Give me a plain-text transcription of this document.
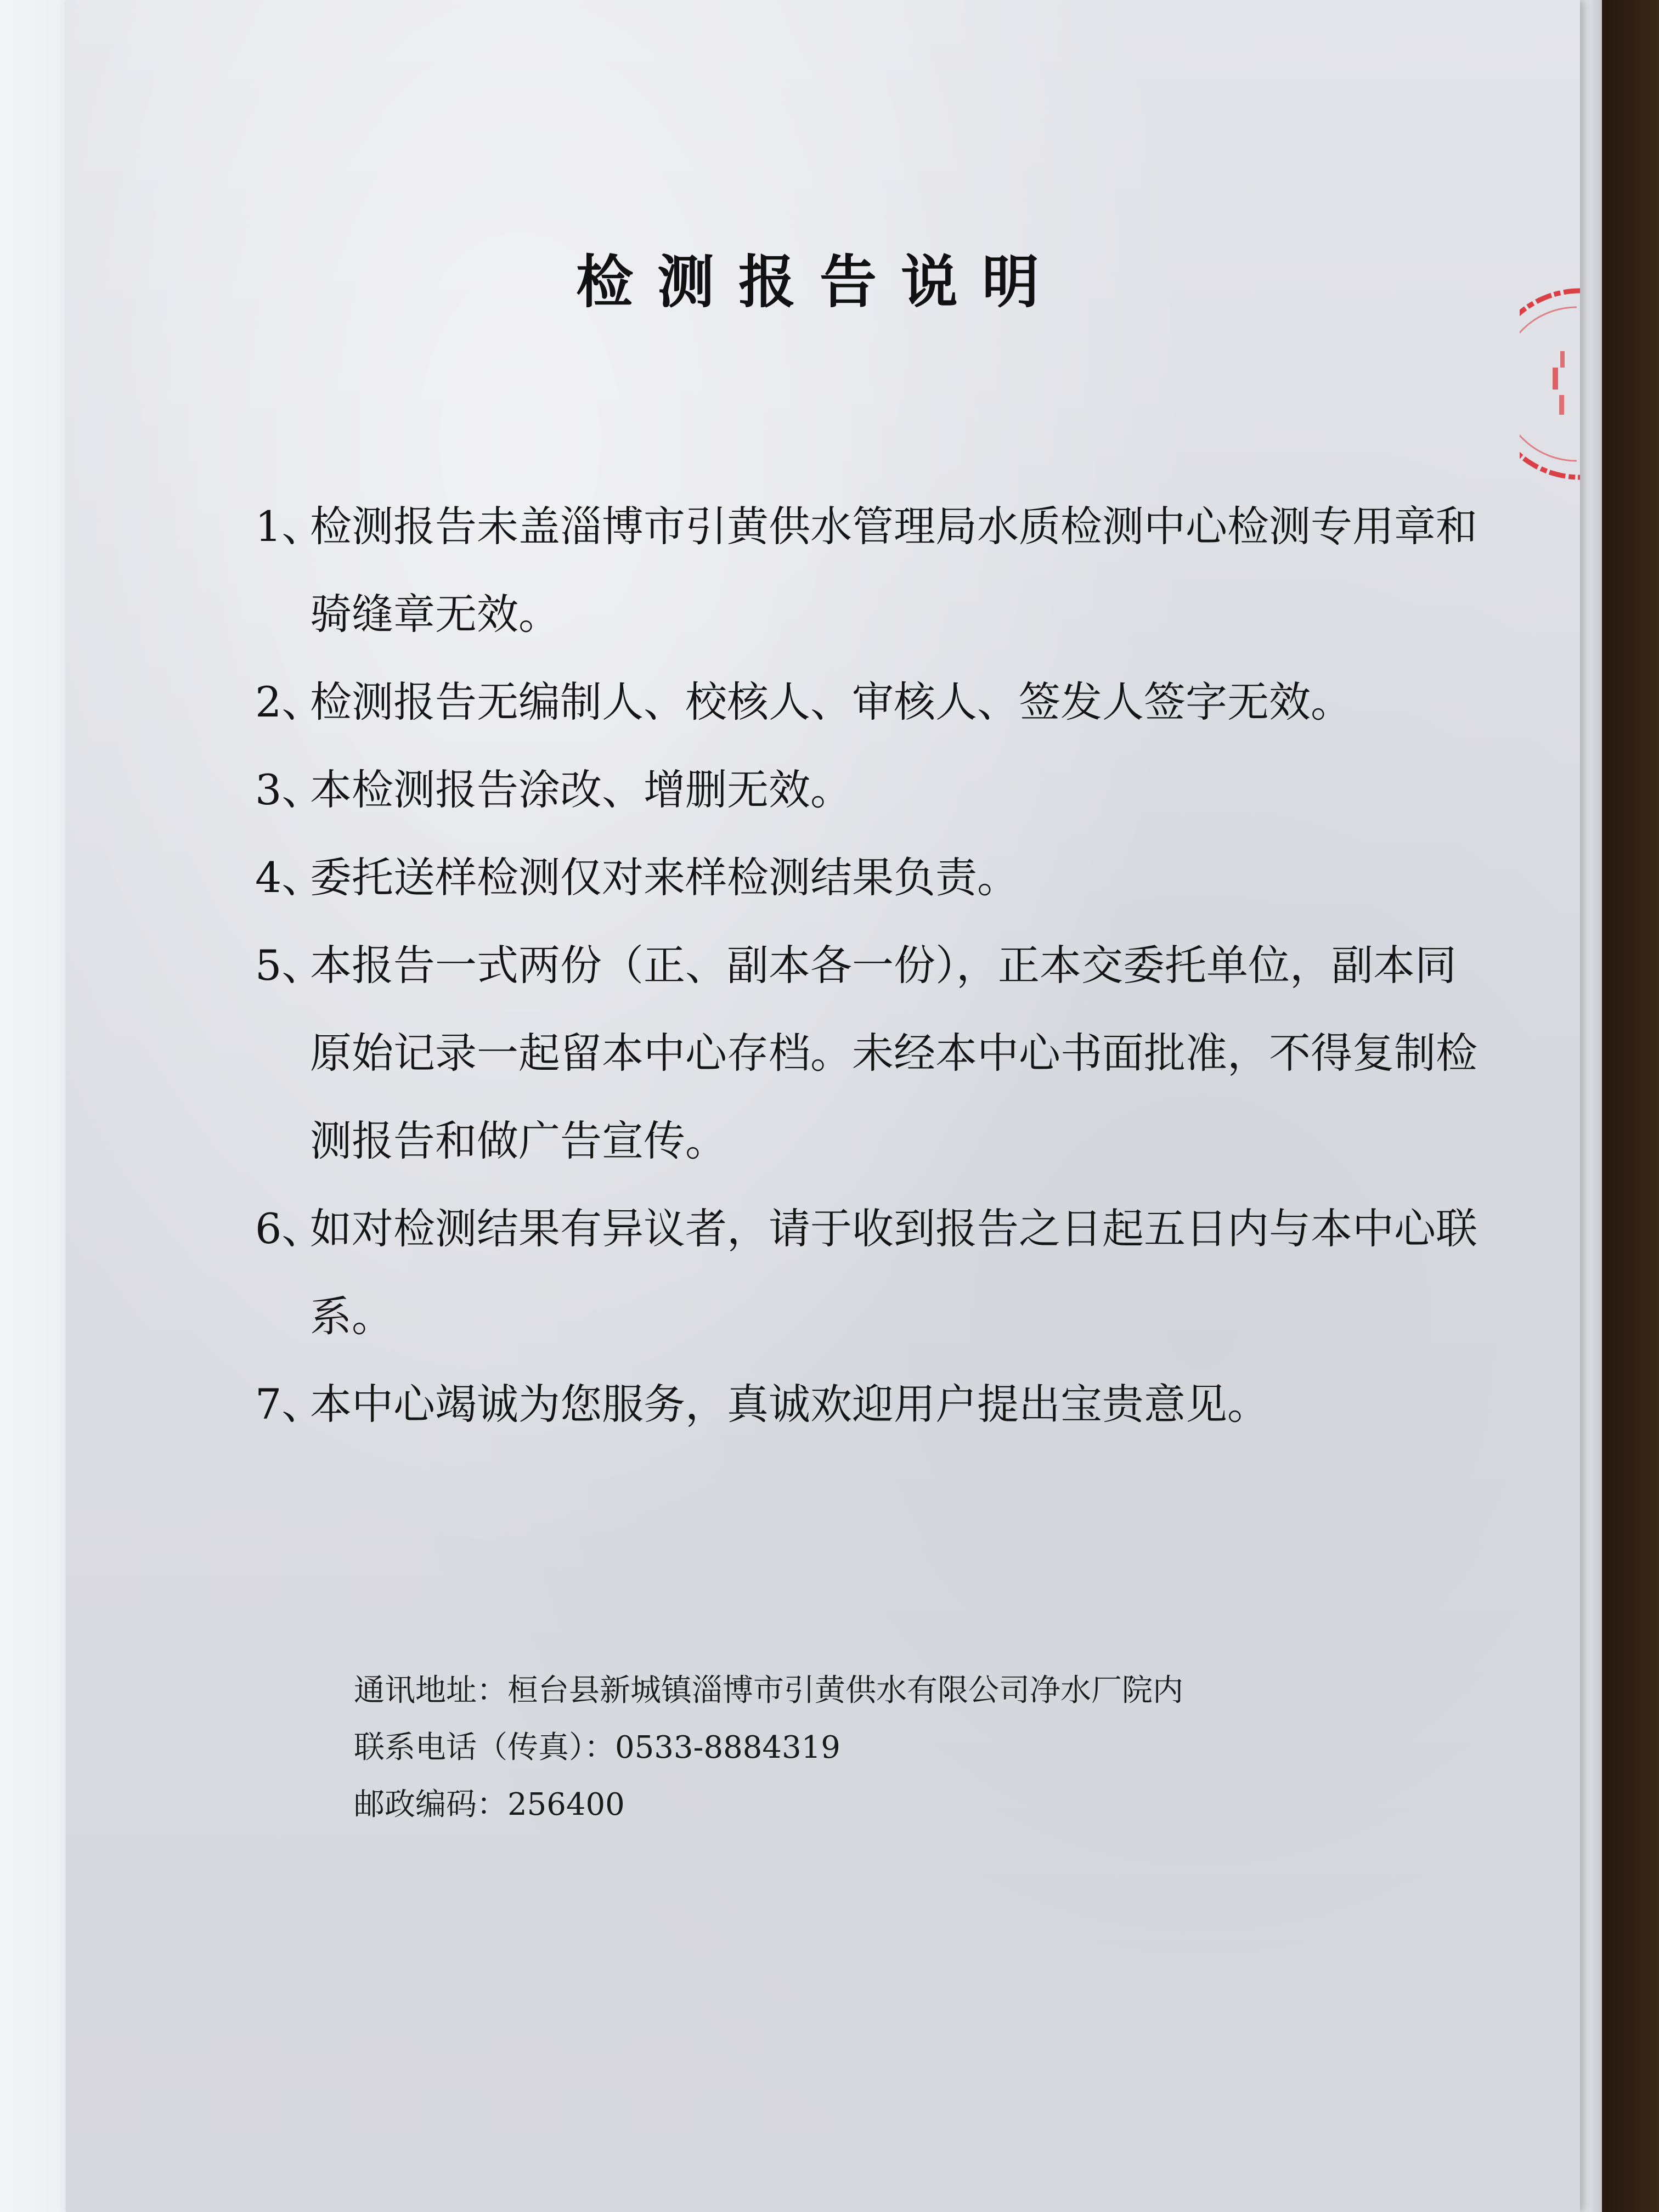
检测报告说明
1、检测报告未盖淄博市引黄供水管理局水质检测中心检测专用章和骑缝章无效。
2、检测报告无编制人、校核人、审核人、签发人签字无效。
3、本检测报告涂改、增删无效。
4、委托送样检测仅对来样检测结果负责。
5、本报告一式两份（正、副本各一份），正本交委托单位，副本同原始记录一起留本中心存档。未经本中心书面批准，不得复制检测报告和做广告宣传。
6、如对检测结果有异议者，请于收到报告之日起五日内与本中心联系。
7、本中心竭诚为您服务，真诚欢迎用户提出宝贵意见。
通讯地址：桓台县新城镇淄博市引黄供水有限公司净水厂院内
联系电话（传真）：0533-8884319
邮政编码：256400
